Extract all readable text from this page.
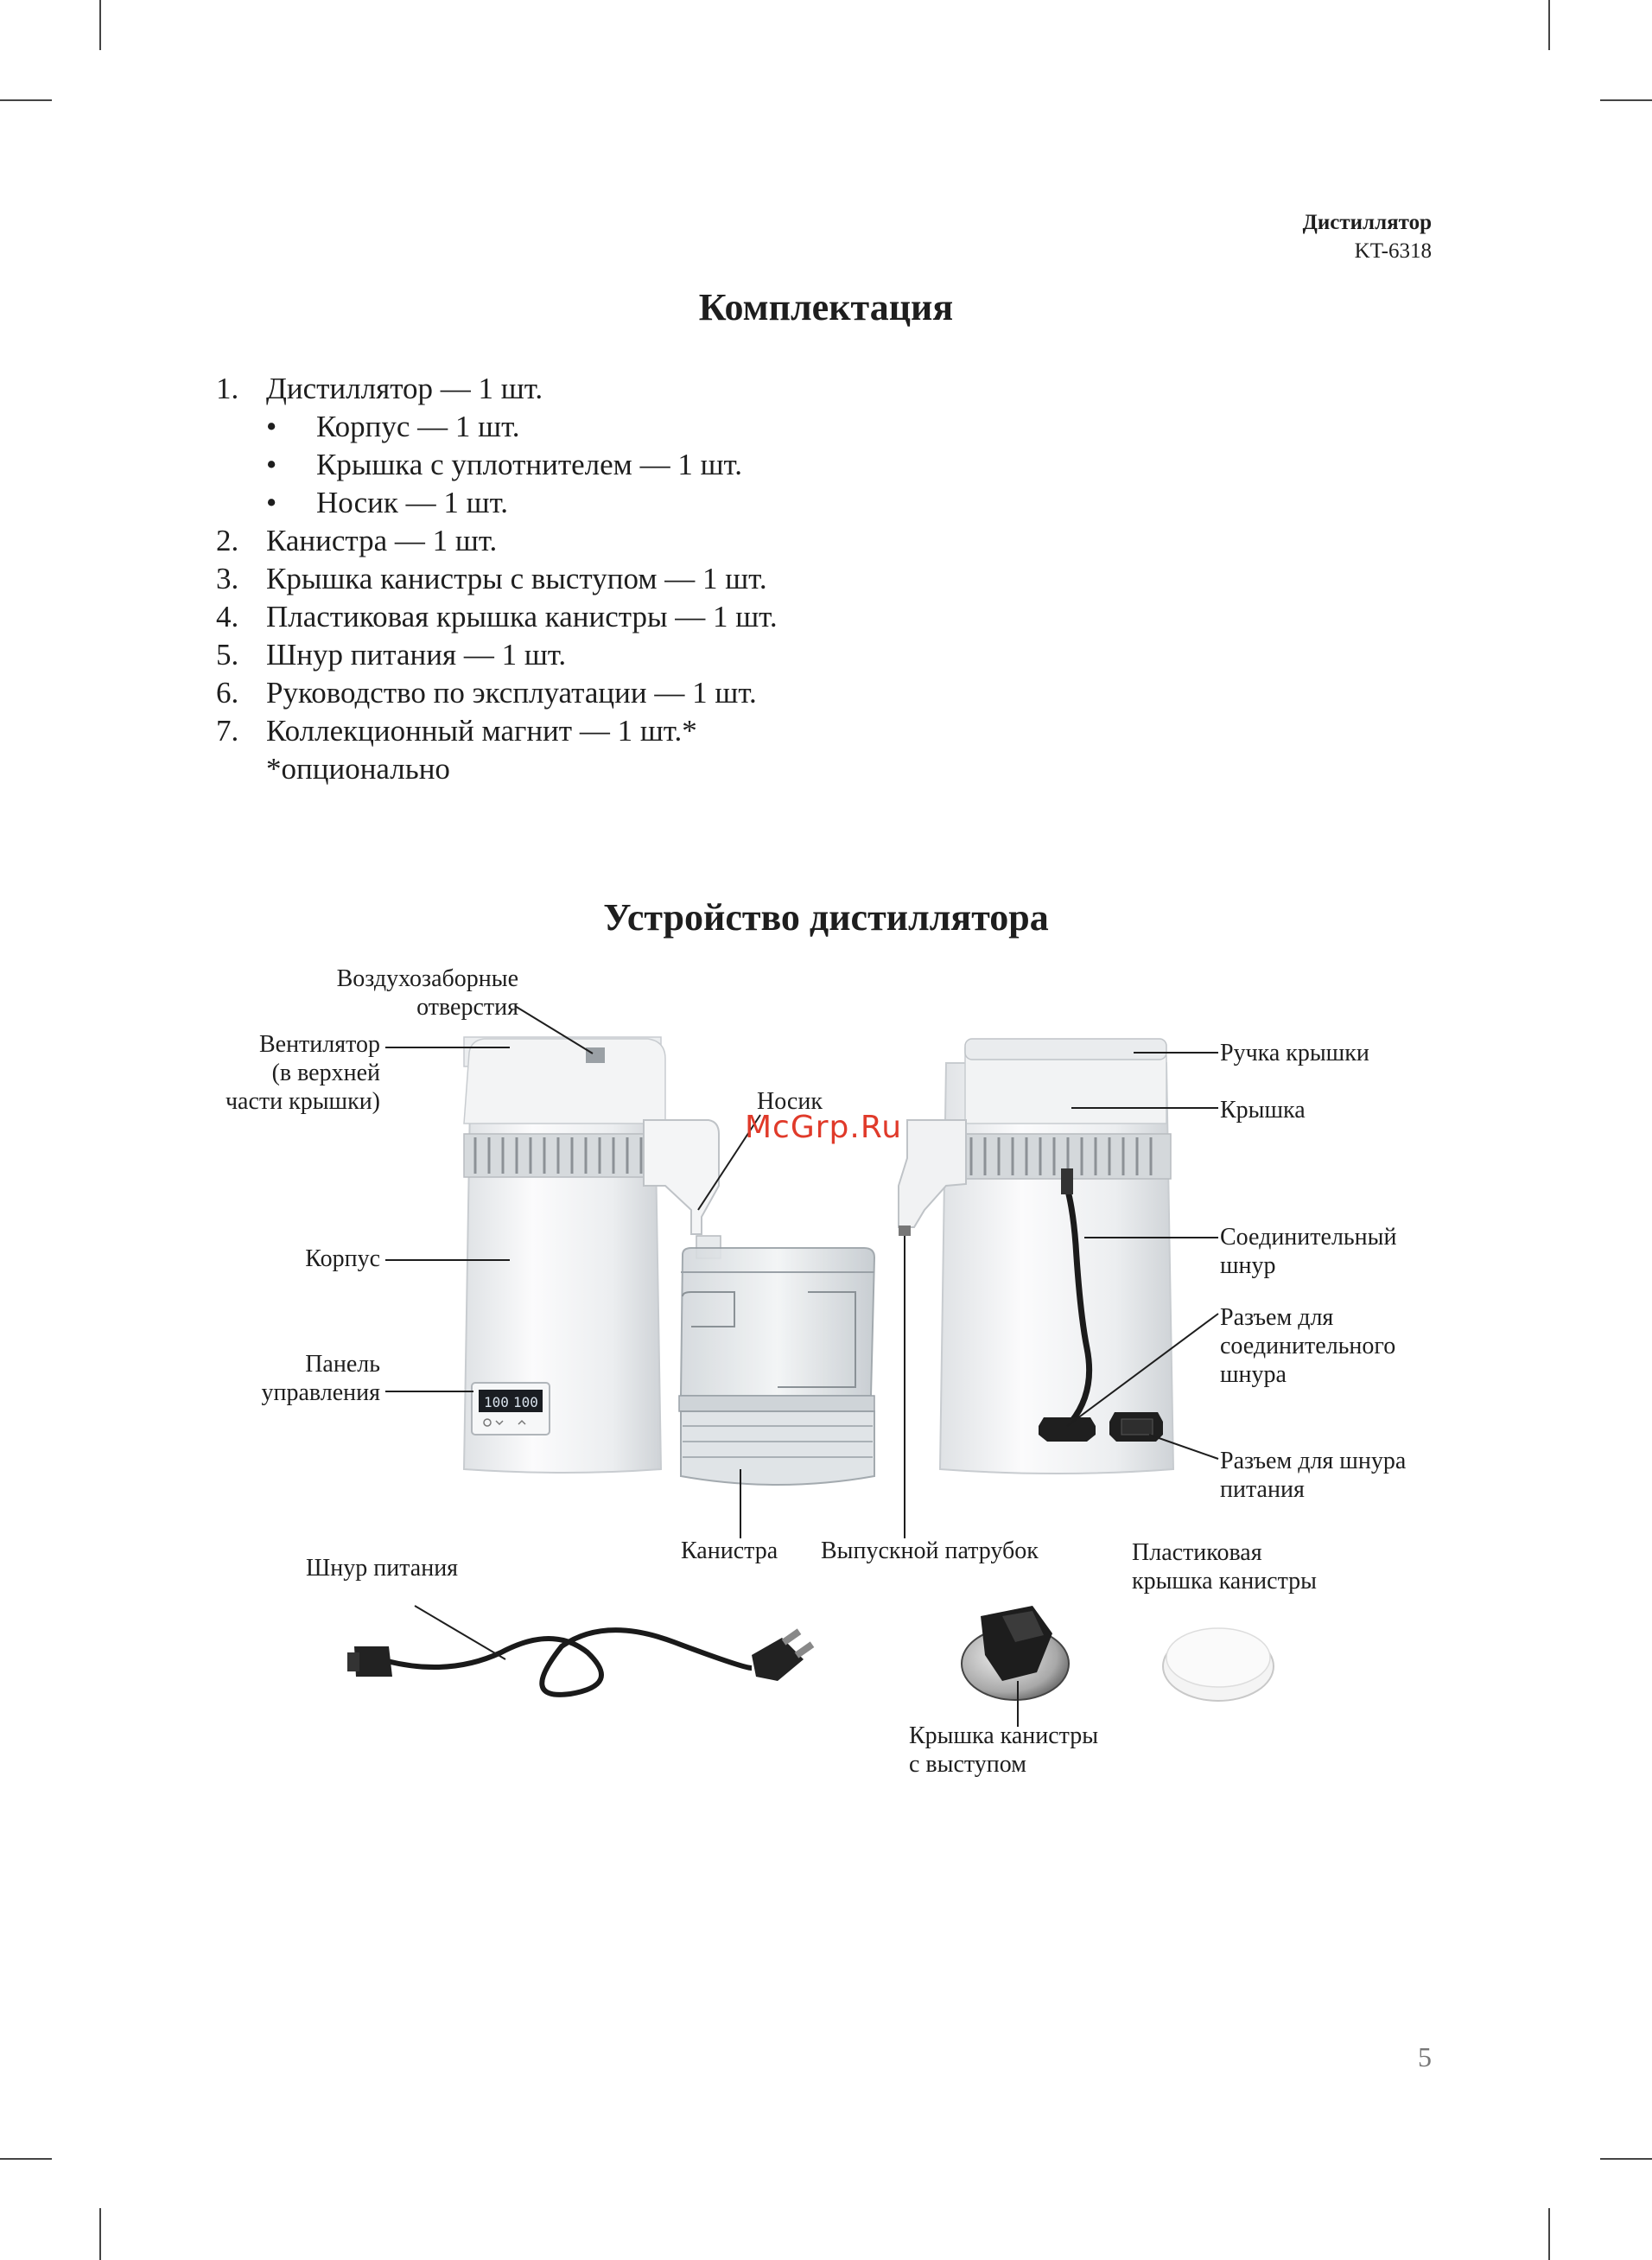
Дистиллятор
KT-6318
Комплектация
1. Дистиллятор — 1 шт.
• Корпус — 1 шт.
• Крышка с уплотнителем — 1 шт.
• Носик — 1 шт.
2. Канистра — 1 шт.
3. Крышка канистры с выступом — 1 шт.
4. Пластиковая крышка канистры — 1 шт.
5. Шнур питания — 1 шт.
6. Руководство по эксплуатации — 1 шт.
7. Коллекционный магнит — 1 шт.*
*опционально
Устройство дистиллятора
100 100
Воздухозаборные
отверстия
Вентилятор
(в верхней
части крышки)	Носик
Корпус
Панель
управления
Канистра Выпускной патрубок
Шнур питания
Ручка крышки
Крышка
Соединительный
шнур
Разъем для
соединительного
шнура
Разъем для шнура
питания
Пластиковая
крышка канистры
Крышка канистры
с выступом
McGrp.Ru
5
